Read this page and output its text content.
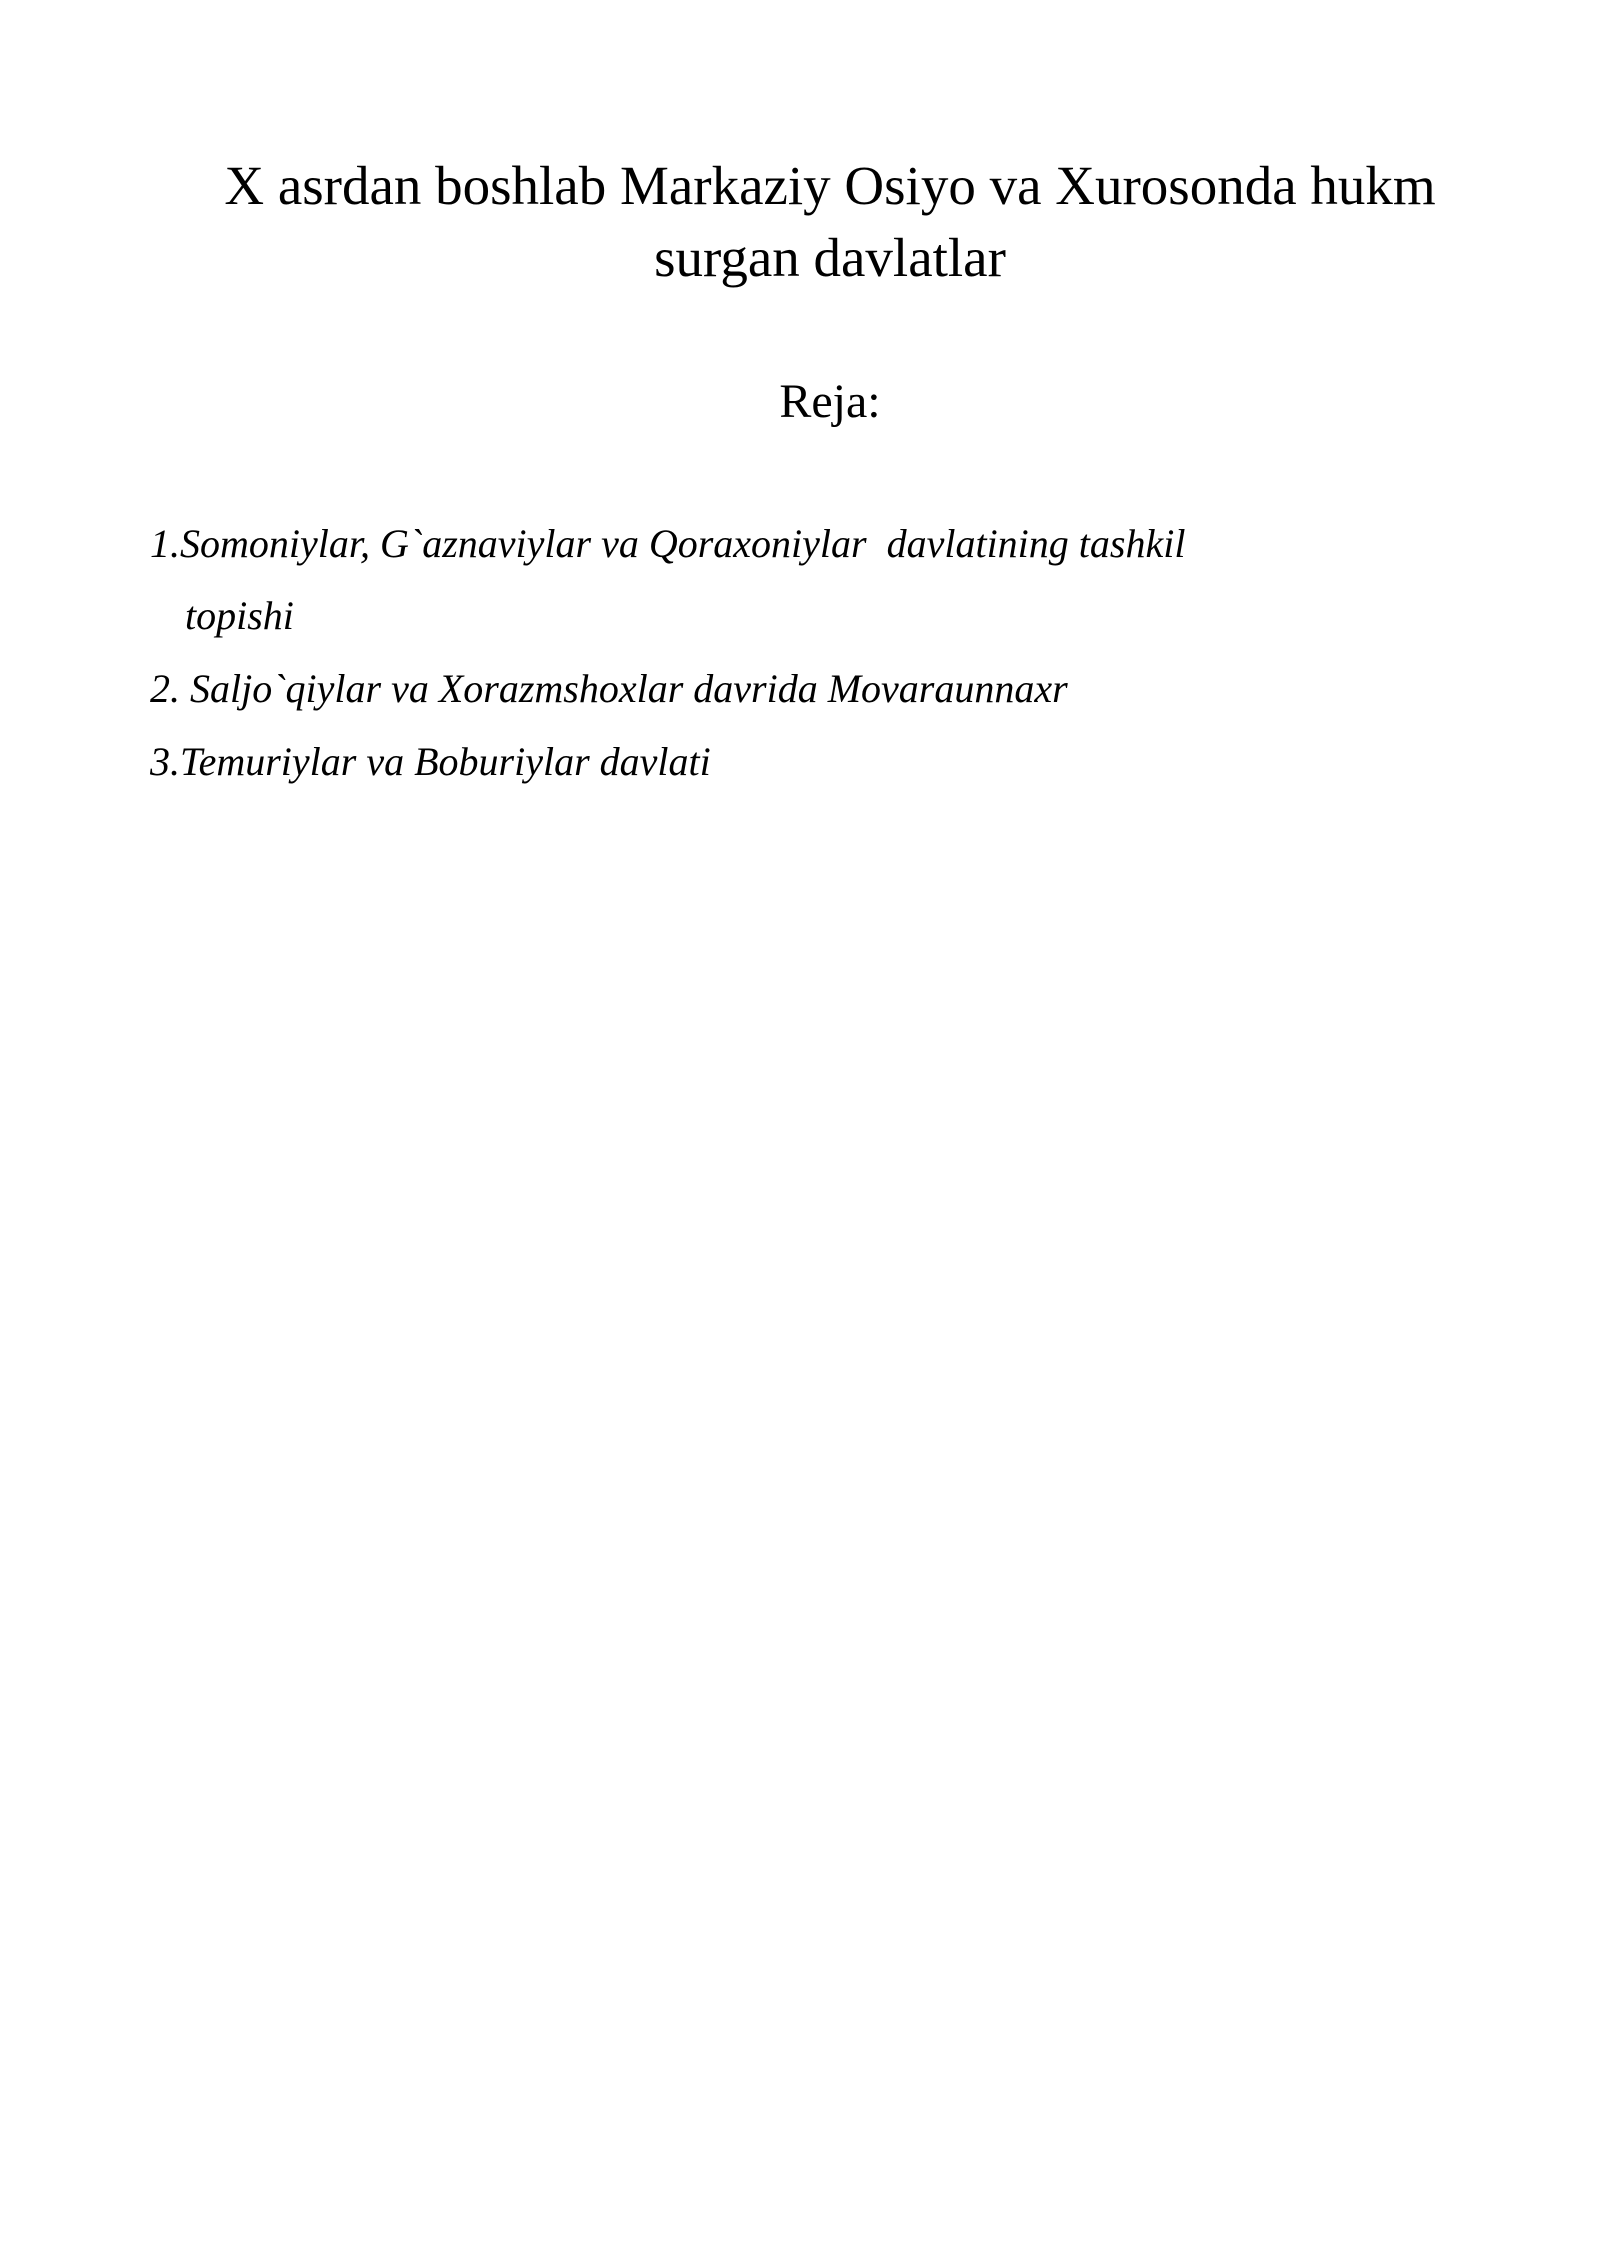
X asrdan boshlab Markaziy Osiyo va Xurosonda hukm
surgan davlatlar
Reja:
1.Somoniylar, G`aznaviylar va Qoraxoniylar  davlatining tashkil
topishi
2. Saljo`qiylar va Xorazmshoxlar davrida Movaraunnaxr
3.Temuriylar va Boburiylar davlati
